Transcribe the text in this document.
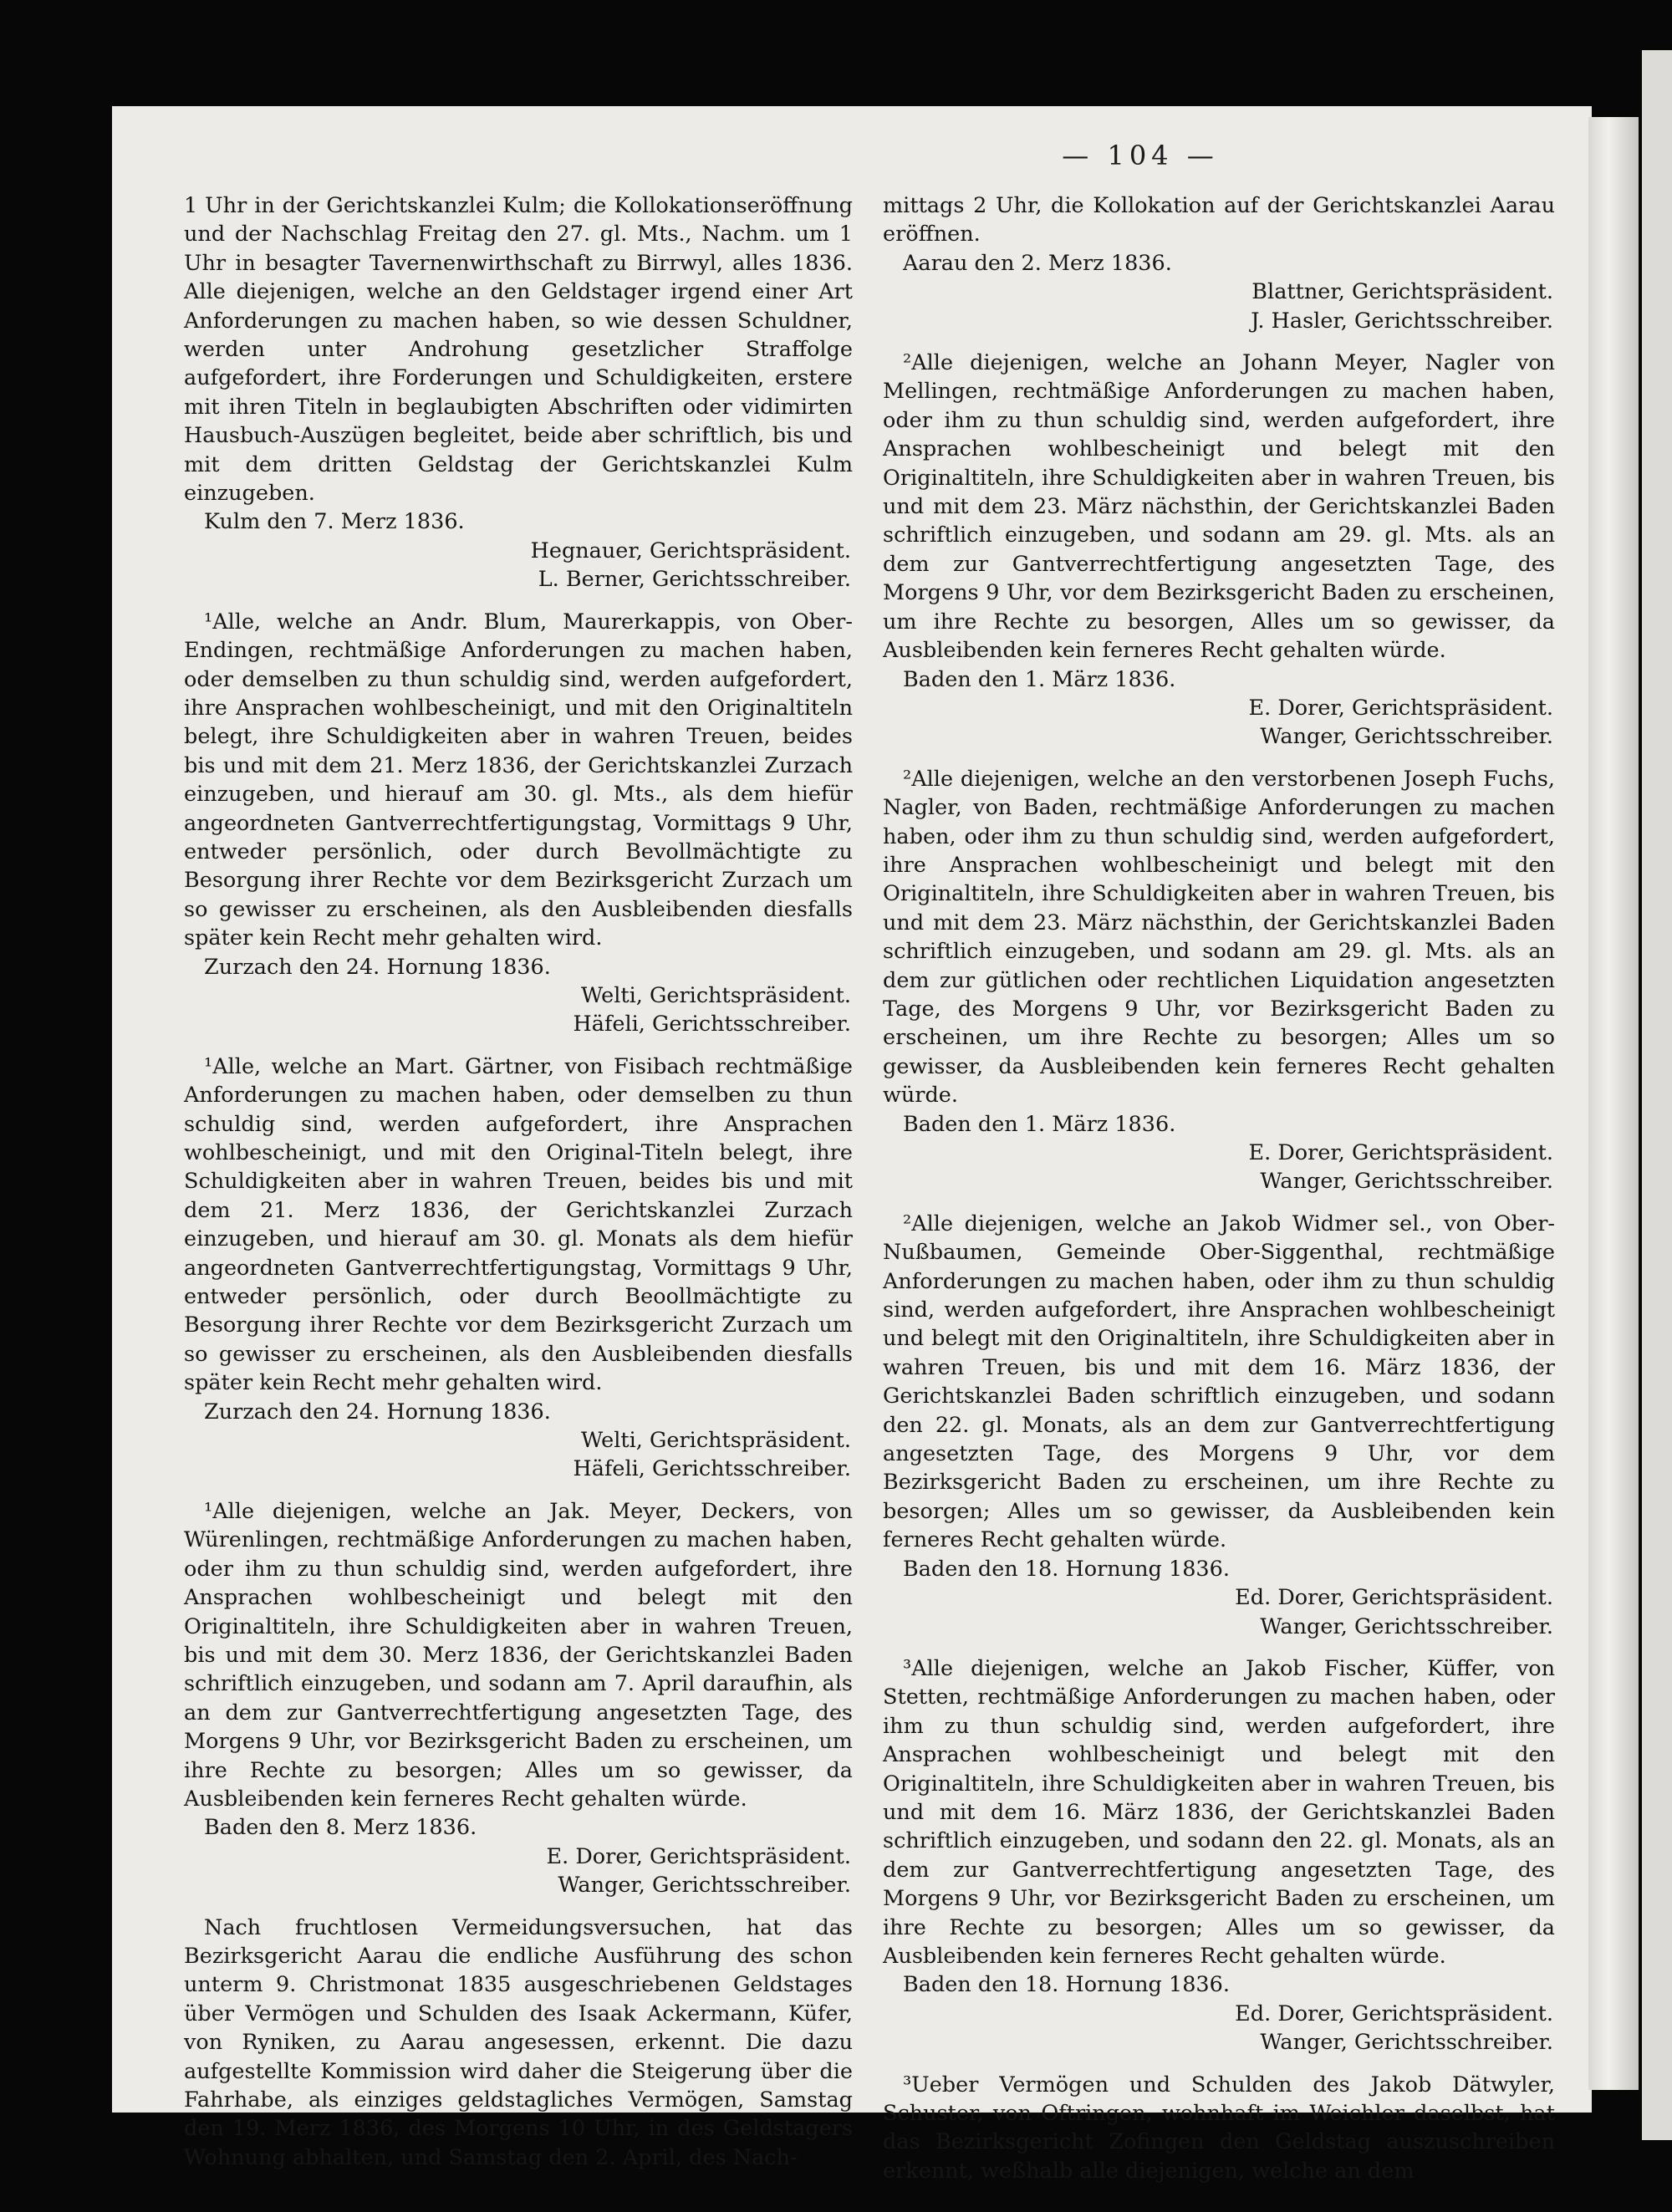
— 104 —

1 Uhr in der Gerichtskanzlei Kulm; die Kollokationseröffnung und der Nachschlag Freitag den 27. gl. Mts., Nachm. um 1 Uhr in besagter Tavernenwirthschaft zu Birrwyl, alles 1836. Alle diejenigen, welche an den Geldstager irgend einer Art Anforderungen zu machen haben, so wie dessen Schuldner, werden unter Androhung gesetzlicher Straffolge aufgefordert, ihre Forderungen und Schuldigkeiten, erstere mit ihren Titeln in beglaubigten Abschriften oder vidimirten Hausbuch-Auszügen begleitet, beide aber schriftlich, bis und mit dem dritten Geldstag der Gerichtskanzlei Kulm einzugeben.

Kulm den 7. Merz 1836.

Hegnauer, Gerichtspräsident.

L. Berner, Gerichtsschreiber.

¹Alle, welche an Andr. Blum, Maurerkappis, von Ober-Endingen, rechtmäßige Anforderungen zu machen haben, oder demselben zu thun schuldig sind, werden aufgefordert, ihre Ansprachen wohlbescheinigt, und mit den Originaltiteln belegt, ihre Schuldigkeiten aber in wahren Treuen, beides bis und mit dem 21. Merz 1836, der Gerichtskanzlei Zurzach einzugeben, und hierauf am 30. gl. Mts., als dem hiefür angeordneten Gantverrechtfertigungstag, Vormittags 9 Uhr, entweder persönlich, oder durch Bevollmächtigte zu Besorgung ihrer Rechte vor dem Bezirksgericht Zurzach um so gewisser zu erscheinen, als den Ausbleibenden diesfalls später kein Recht mehr gehalten wird.

Zurzach den 24. Hornung 1836.

Welti, Gerichtspräsident.

Häfeli, Gerichtsschreiber.

¹Alle, welche an Mart. Gärtner, von Fisibach rechtmäßige Anforderungen zu machen haben, oder demselben zu thun schuldig sind, werden aufgefordert, ihre Ansprachen wohlbescheinigt, und mit den Original-Titeln belegt, ihre Schuldigkeiten aber in wahren Treuen, beides bis und mit dem 21. Merz 1836, der Gerichtskanzlei Zurzach einzugeben, und hierauf am 30. gl. Monats als dem hiefür angeordneten Gantverrechtfertigungstag, Vormittags 9 Uhr, entweder persönlich, oder durch Beoollmächtigte zu Besorgung ihrer Rechte vor dem Bezirksgericht Zurzach um so gewisser zu erscheinen, als den Ausbleibenden diesfalls später kein Recht mehr gehalten wird.

Zurzach den 24. Hornung 1836.

Welti, Gerichtspräsident.

Häfeli, Gerichtsschreiber.

¹Alle diejenigen, welche an Jak. Meyer, Deckers, von Würenlingen, rechtmäßige Anforderungen zu machen haben, oder ihm zu thun schuldig sind, werden aufgefordert, ihre Ansprachen wohlbescheinigt und belegt mit den Originaltiteln, ihre Schuldigkeiten aber in wahren Treuen, bis und mit dem 30. Merz 1836, der Gerichtskanzlei Baden schriftlich einzugeben, und sodann am 7. April daraufhin, als an dem zur Gantverrechtfertigung angesetzten Tage, des Morgens 9 Uhr, vor Bezirksgericht Baden zu erscheinen, um ihre Rechte zu besorgen; Alles um so gewisser, da Ausbleibenden kein ferneres Recht gehalten würde.

Baden den 8. Merz 1836.

E. Dorer, Gerichtspräsident.

Wanger, Gerichtsschreiber.

Nach fruchtlosen Vermeidungsversuchen, hat das Bezirksgericht Aarau die endliche Ausführung des schon unterm 9. Christmonat 1835 ausgeschriebenen Geldstages über Vermögen und Schulden des Isaak Ackermann, Küfer, von Ryniken, zu Aarau angesessen, erkennt. Die dazu aufgestellte Kommission wird daher die Steigerung über die Fahrhabe, als einziges geldstagliches Vermögen, Samstag den 19. Merz 1836, des Morgens 10 Uhr, in des Geldstagers Wohnung abhalten, und Samstag den 2. April, des Nach-

mittags 2 Uhr, die Kollokation auf der Gerichtskanzlei Aarau eröffnen.

Aarau den 2. Merz 1836.

Blattner, Gerichtspräsident.

J. Hasler, Gerichtsschreiber.

²Alle diejenigen, welche an Johann Meyer, Nagler von Mellingen, rechtmäßige Anforderungen zu machen haben, oder ihm zu thun schuldig sind, werden aufgefordert, ihre Ansprachen wohlbescheinigt und belegt mit den Originaltiteln, ihre Schuldigkeiten aber in wahren Treuen, bis und mit dem 23. März nächsthin, der Gerichtskanzlei Baden schriftlich einzugeben, und sodann am 29. gl. Mts. als an dem zur Gantverrechtfertigung angesetzten Tage, des Morgens 9 Uhr, vor dem Bezirksgericht Baden zu erscheinen, um ihre Rechte zu besorgen, Alles um so gewisser, da Ausbleibenden kein ferneres Recht gehalten würde.

Baden den 1. März 1836.

E. Dorer, Gerichtspräsident.

Wanger, Gerichtsschreiber.

²Alle diejenigen, welche an den verstorbenen Joseph Fuchs, Nagler, von Baden, rechtmäßige Anforderungen zu machen haben, oder ihm zu thun schuldig sind, werden aufgefordert, ihre Ansprachen wohlbescheinigt und belegt mit den Originaltiteln, ihre Schuldigkeiten aber in wahren Treuen, bis und mit dem 23. März nächsthin, der Gerichtskanzlei Baden schriftlich einzugeben, und sodann am 29. gl. Mts. als an dem zur gütlichen oder rechtlichen Liquidation angesetzten Tage, des Morgens 9 Uhr, vor Bezirksgericht Baden zu erscheinen, um ihre Rechte zu besorgen; Alles um so gewisser, da Ausbleibenden kein ferneres Recht gehalten würde.

Baden den 1. März 1836.

E. Dorer, Gerichtspräsident.

Wanger, Gerichtsschreiber.

²Alle diejenigen, welche an Jakob Widmer sel., von Ober-Nußbaumen, Gemeinde Ober-Siggenthal, rechtmäßige Anforderungen zu machen haben, oder ihm zu thun schuldig sind, werden aufgefordert, ihre Ansprachen wohlbescheinigt und belegt mit den Originaltiteln, ihre Schuldigkeiten aber in wahren Treuen, bis und mit dem 16. März 1836, der Gerichtskanzlei Baden schriftlich einzugeben, und sodann den 22. gl. Monats, als an dem zur Gantverrechtfertigung angesetzten Tage, des Morgens 9 Uhr, vor dem Bezirksgericht Baden zu erscheinen, um ihre Rechte zu besorgen; Alles um so gewisser, da Ausbleibenden kein ferneres Recht gehalten würde.

Baden den 18. Hornung 1836.

Ed. Dorer, Gerichtspräsident.

Wanger, Gerichtsschreiber.

³Alle diejenigen, welche an Jakob Fischer, Küffer, von Stetten, rechtmäßige Anforderungen zu machen haben, oder ihm zu thun schuldig sind, werden aufgefordert, ihre Ansprachen wohlbescheinigt und belegt mit den Originaltiteln, ihre Schuldigkeiten aber in wahren Treuen, bis und mit dem 16. März 1836, der Gerichtskanzlei Baden schriftlich einzugeben, und sodann den 22. gl. Monats, als an dem zur Gantverrechtfertigung angesetzten Tage, des Morgens 9 Uhr, vor Bezirksgericht Baden zu erscheinen, um ihre Rechte zu besorgen; Alles um so gewisser, da Ausbleibenden kein ferneres Recht gehalten würde.

Baden den 18. Hornung 1836.

Ed. Dorer, Gerichtspräsident.

Wanger, Gerichtsschreiber.

³Ueber Vermögen und Schulden des Jakob Dätwyler, Schuster, von Oftringen, wohnhaft im Weichler daselbst, hat das Bezirksgericht Zofingen den Geldstag auszuschreiben erkennt, weßhalb alle diejenigen, welche an dem
